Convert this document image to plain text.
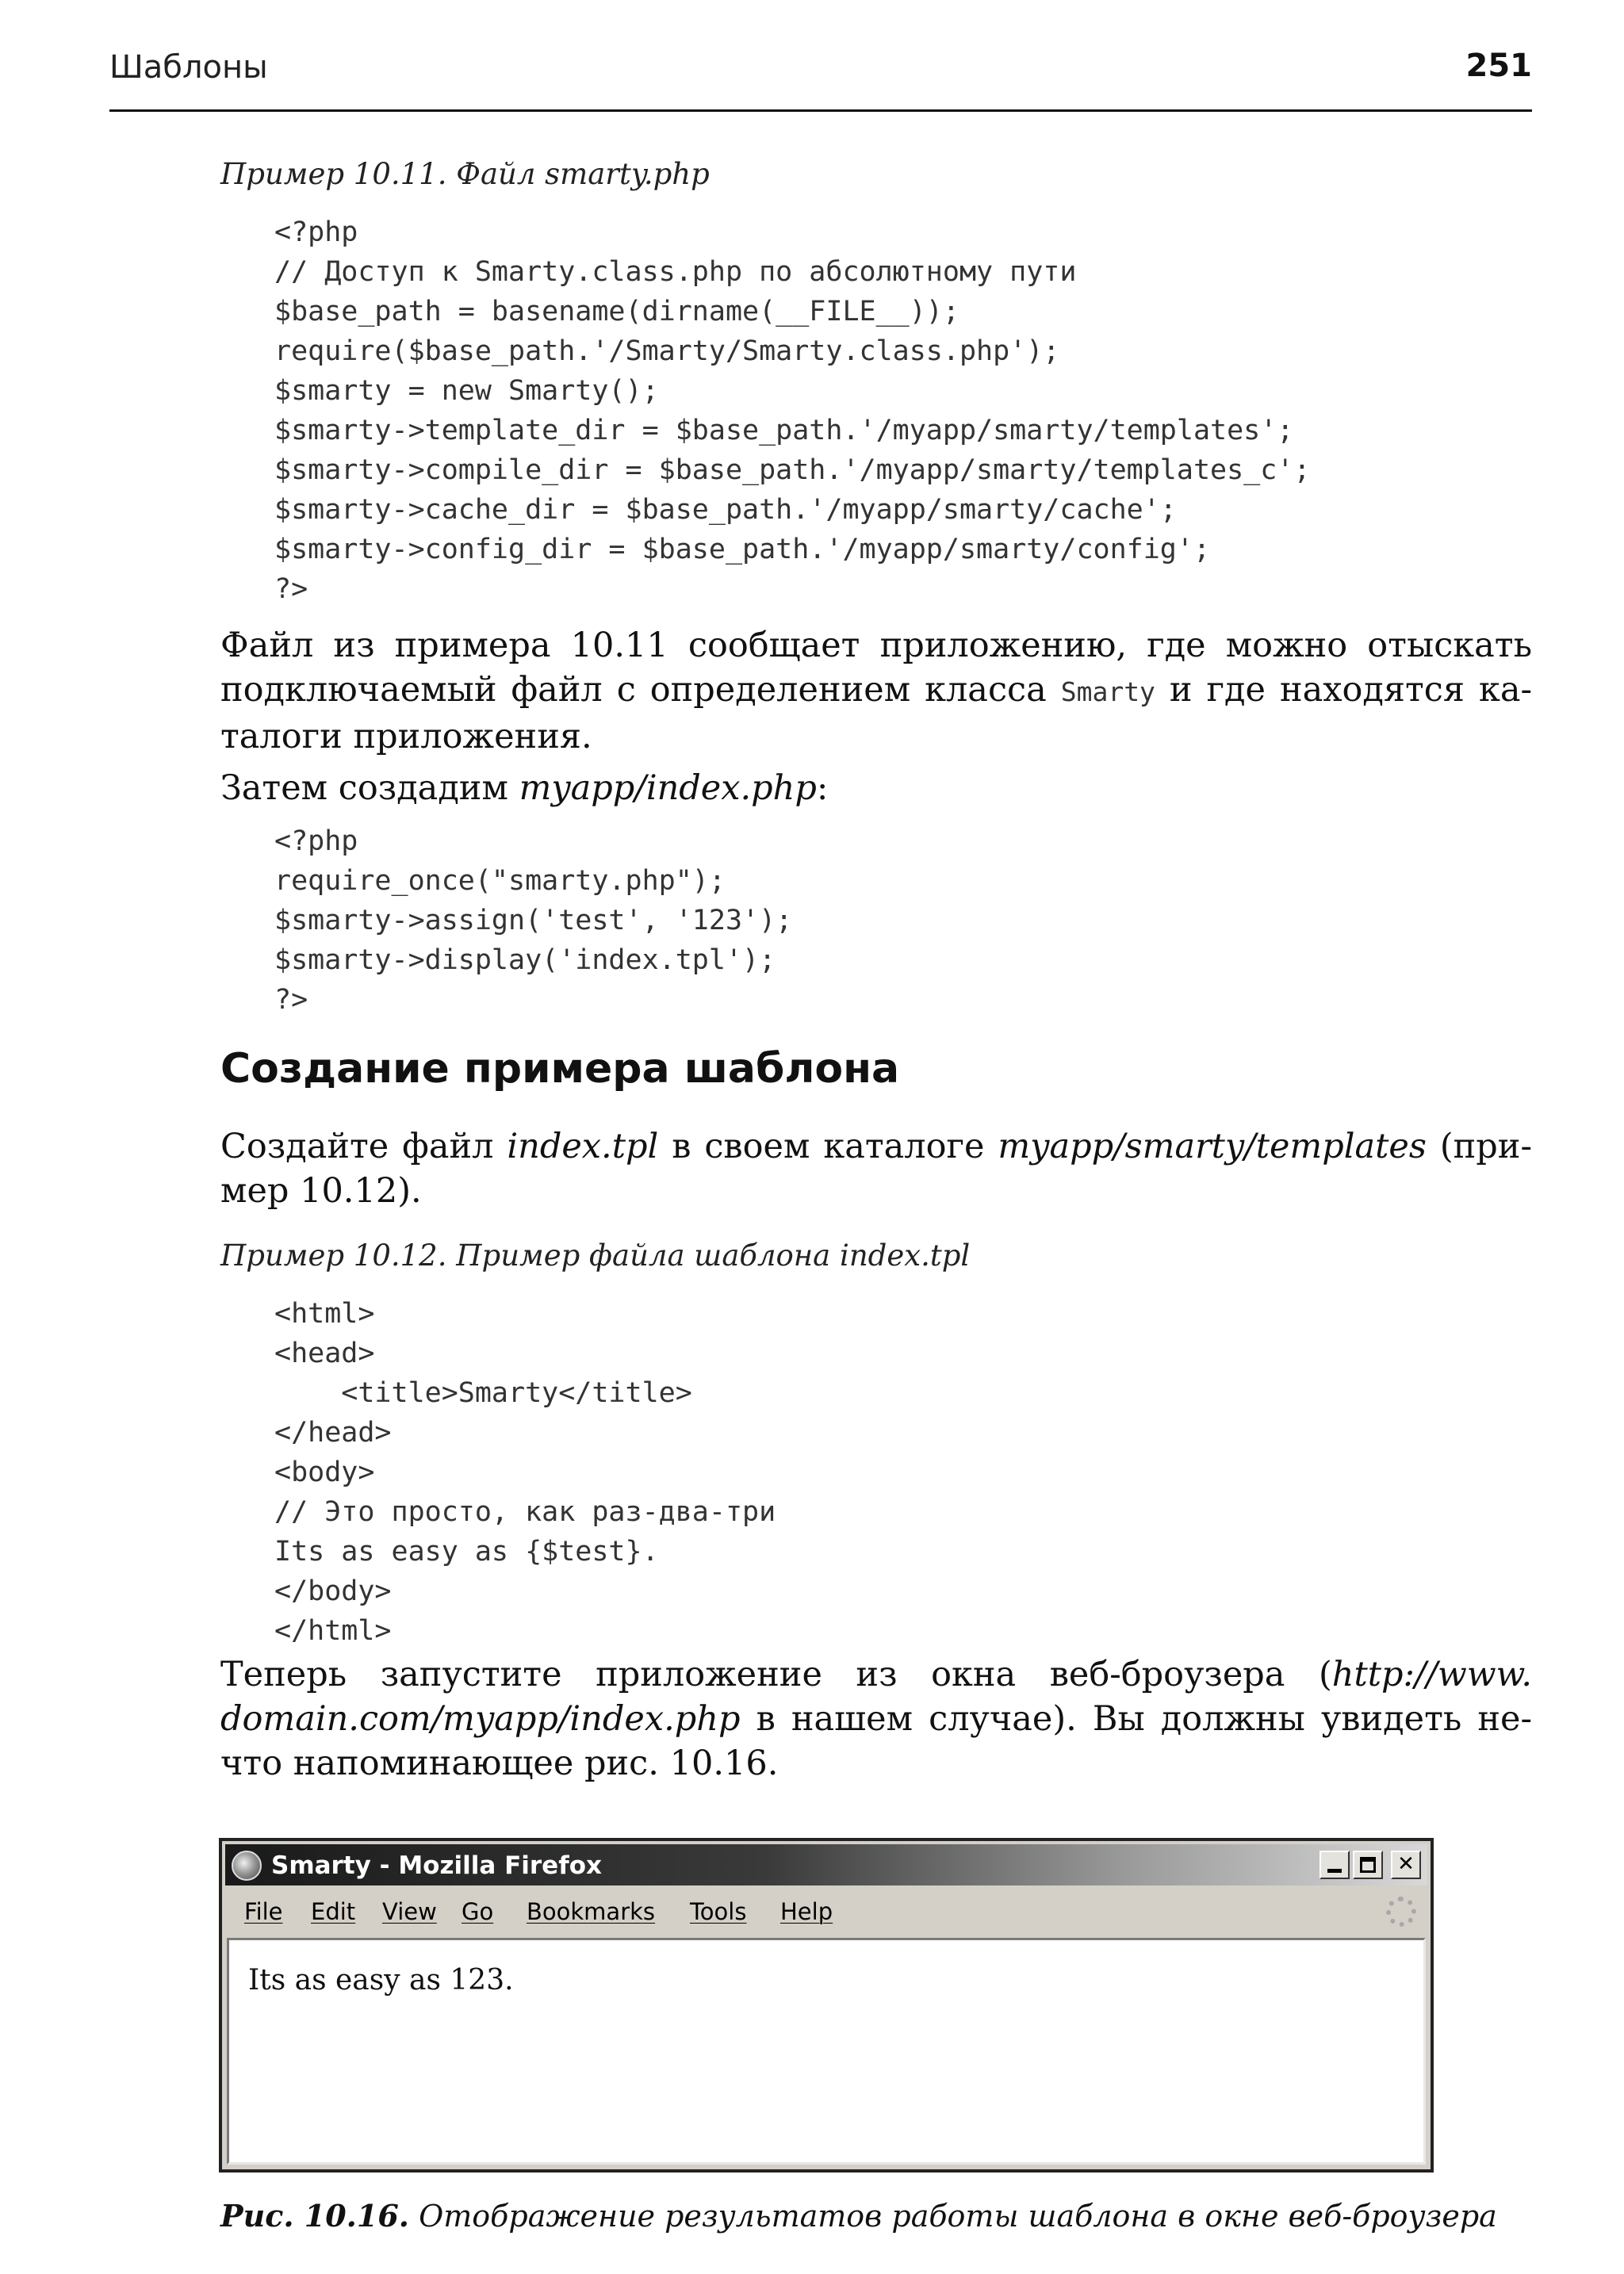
Шаблоны	251
Пример 10.11. Файл smarty.php
<?php
// Доступ к Smarty.class.php по абсолютному пути
$base_path = basename(dirname(__FILE__));
require($base_path.'/Smarty/Smarty.class.php');
$smarty = new Smarty();
$smarty->template_dir = $base_path.'/myapp/smarty/templates';
$smarty->compile_dir = $base_path.'/myapp/smarty/templates_c';
$smarty->cache_dir = $base_path.'/myapp/smarty/cache';
$smarty->config_dir = $base_path.'/myapp/smarty/config';
?>
Файл из примера 10.11 сообщает приложению, где можно отыскать
подключаемый файл с определением класса Smarty и где находятся ка-
талоги приложения.
Затем создадим myapp/index.php:
<?php
require_once("smarty.php");
$smarty->assign('test', '123');
$smarty->display('index.tpl');
?>
Создание примера шаблона
Создайте файл index.tpl в своем каталоге myapp/smarty/templates (при-
мер 10.12).
Пример 10.12. Пример файла шаблона index.tpl
<html>
<head>
<title>Smarty</title>
</head>
<body>
// Это просто, как раз-два-три
Its as easy as {$test}.
</body>
</html>
Теперь запустите приложение из окна веб-броузера (http://www.
domain.com/myapp/index.php в нашем случае). Вы должны увидеть не-
что напоминающее рис. 10.16.
Smarty - Mozilla Firefox	✕
File Edit View Go Bookmarks Tools Help
Its as easy as 123.
Рис. 10.16. Отображение результатов работы шаблона в окне веб-броузера
